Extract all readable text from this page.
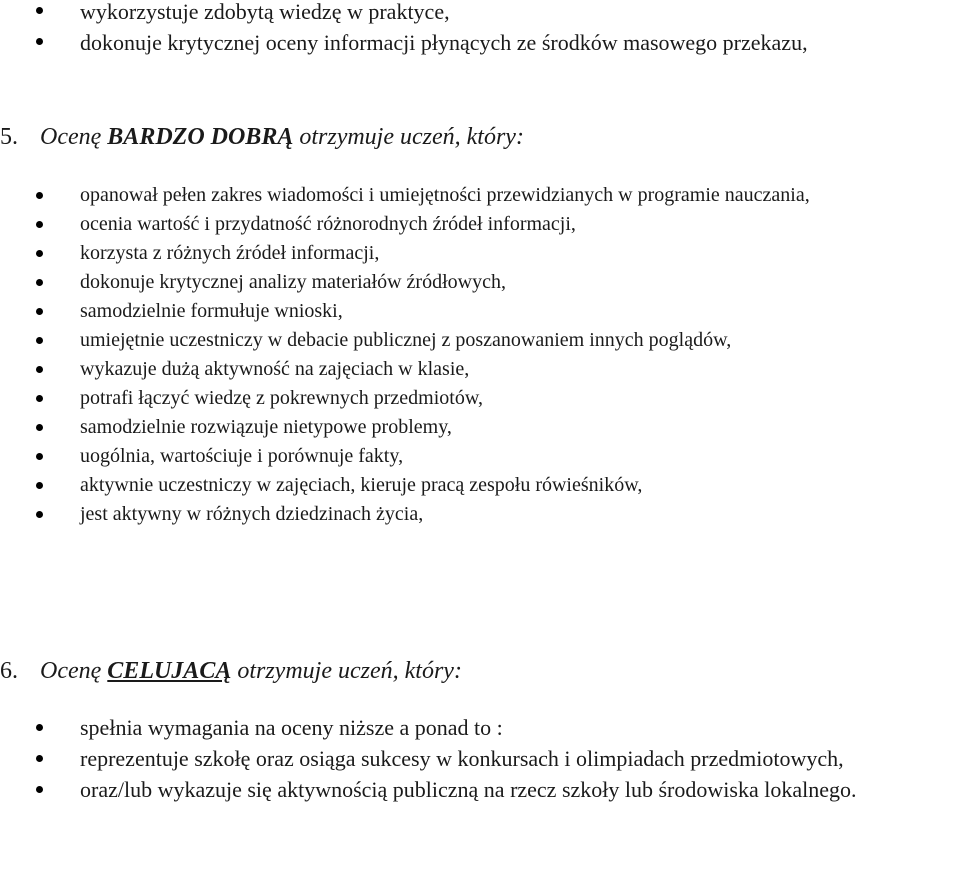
wykorzystuje zdobytą wiedzę w praktyce,
dokonuje krytycznej oceny informacji płynących ze środków masowego przekazu,
5. Ocenę BARDZO DOBRĄ otrzymuje uczeń, który:
opanował pełen zakres wiadomości i umiejętności przewidzianych w programie nauczania,
ocenia wartość i przydatność różnorodnych źródeł informacji,
korzysta z różnych źródeł informacji,
dokonuje krytycznej analizy materiałów źródłowych,
samodzielnie formułuje wnioski,
umiejętnie uczestniczy w debacie publicznej z poszanowaniem innych poglądów,
wykazuje dużą aktywność na zajęciach w klasie,
potrafi łączyć wiedzę z pokrewnych przedmiotów,
samodzielnie rozwiązuje nietypowe problemy,
uogólnia, wartościuje i porównuje fakty,
aktywnie uczestniczy w zajęciach, kieruje pracą zespołu rówieśników,
jest aktywny w różnych dziedzinach życia,
6. Ocenę CELUJACĄ otrzymuje uczeń, który:
spełnia wymagania na oceny niższe a ponad to :
reprezentuje szkołę oraz osiąga sukcesy w konkursach i olimpiadach przedmiotowych,
oraz/lub wykazuje się aktywnością publiczną na rzecz szkoły lub środowiska lokalnego.
